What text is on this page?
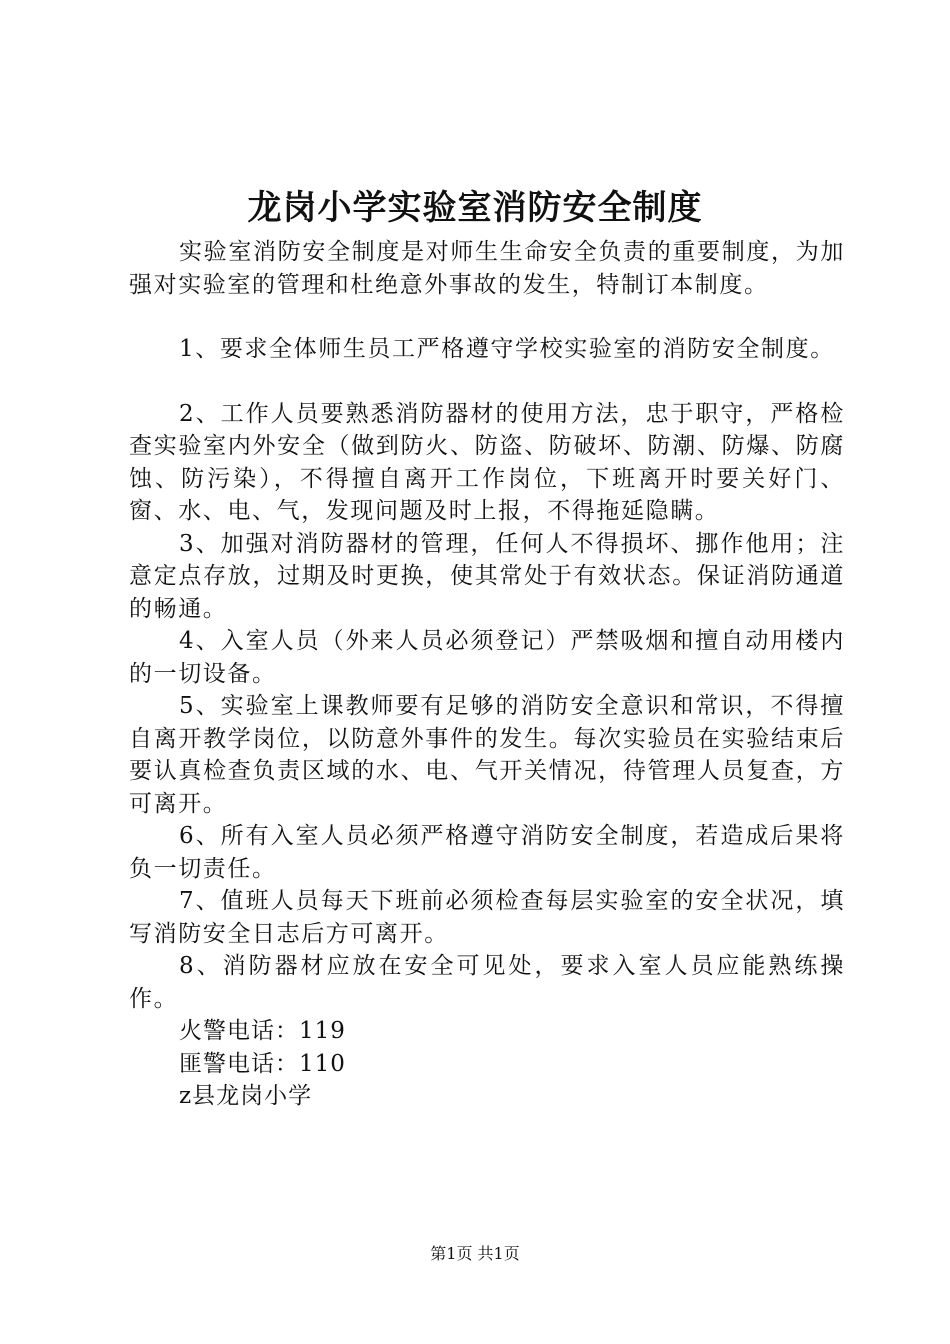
龙岗小学实验室消防安全制度

实验室消防安全制度是对师生生命安全负责的重要制度，为加强对实验室的管理和杜绝意外事故的发生，特制订本制度。

1、要求全体师生员工严格遵守学校实验室的消防安全制度。

2、工作人员要熟悉消防器材的使用方法，忠于职守，严格检查实验室内外安全（做到防火、防盗、防破坏、防潮、防爆、防腐蚀、防污染），不得擅自离开工作岗位，下班离开时要关好门、窗、水、电、气，发现问题及时上报，不得拖延隐瞒。

3、加强对消防器材的管理，任何人不得损坏、挪作他用；注意定点存放，过期及时更换，使其常处于有效状态。保证消防通道的畅通。

4、入室人员（外来人员必须登记）严禁吸烟和擅自动用楼内的一切设备。

5、实验室上课教师要有足够的消防安全意识和常识，不得擅自离开教学岗位，以防意外事件的发生。每次实验员在实验结束后要认真检查负责区域的水、电、气开关情况，待管理人员复查，方可离开。

6、所有入室人员必须严格遵守消防安全制度，若造成后果将负一切责任。

7、值班人员每天下班前必须检查每层实验室的安全状况，填写消防安全日志后方可离开。

8、消防器材应放在安全可见处，要求入室人员应能熟练操作。

火警电话：119

匪警电话：110

z县龙岗小学

第1页 共1页
